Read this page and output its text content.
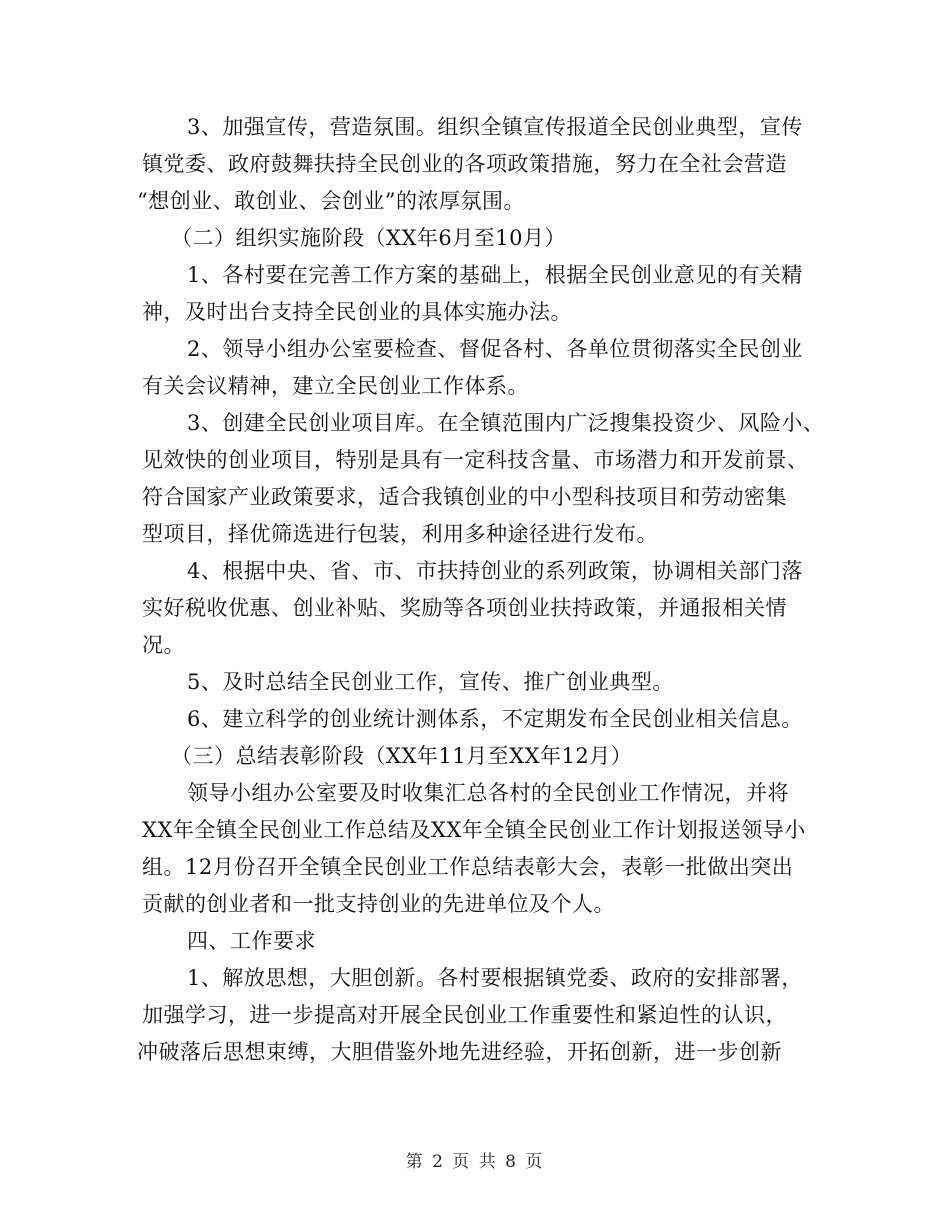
3、加强宣传，营造氛围。组织全镇宣传报道全民创业典型，宣传
镇党委、政府鼓舞扶持全民创业的各项政策措施，努力在全社会营造
“想创业、敢创业、会创业”的浓厚氛围。
（二）组织实施阶段（XX年6月至10月）
1、各村要在完善工作方案的基础上，根据全民创业意见的有关精
神，及时出台支持全民创业的具体实施办法。
2、领导小组办公室要检查、督促各村、各单位贯彻落实全民创业
有关会议精神，建立全民创业工作体系。
3、创建全民创业项目库。在全镇范围内广泛搜集投资少、风险小、
见效快的创业项目，特别是具有一定科技含量、市场潜力和开发前景、
符合国家产业政策要求，适合我镇创业的中小型科技项目和劳动密集
型项目，择优筛选进行包装，利用多种途径进行发布。
4、根据中央、省、市、市扶持创业的系列政策，协调相关部门落
实好税收优惠、创业补贴、奖励等各项创业扶持政策，并通报相关情
况。
5、及时总结全民创业工作，宣传、推广创业典型。
6、建立科学的创业统计测体系，不定期发布全民创业相关信息。
（三）总结表彰阶段（XX年11月至XX年12月）
领导小组办公室要及时收集汇总各村的全民创业工作情况，并将
XX年全镇全民创业工作总结及XX年全镇全民创业工作计划报送领导小
组。12月份召开全镇全民创业工作总结表彰大会，表彰一批做出突出
贡献的创业者和一批支持创业的先进单位及个人。
四、工作要求
1、解放思想，大胆创新。各村要根据镇党委、政府的安排部署，
加强学习，进一步提高对开展全民创业工作重要性和紧迫性的认识，
冲破落后思想束缚，大胆借鉴外地先进经验，开拓创新，进一步创新
第 2 页 共 8 页
